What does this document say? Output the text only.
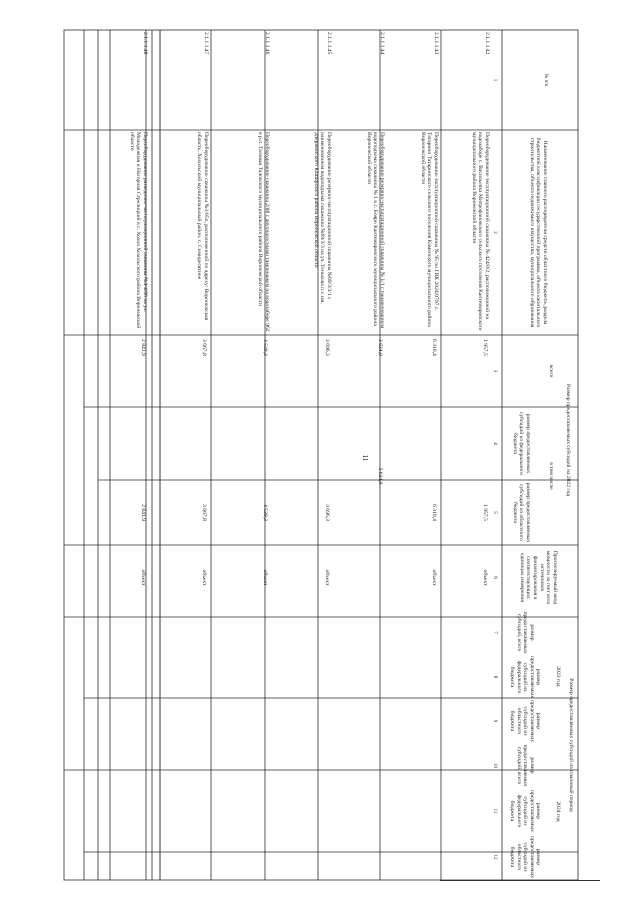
11
№ п/п
Наименование главного распорядителя средств областного бюджета, раздела бюджетной классификации государственной программы, объекта капитального строительства, объекта недвижимого имущества, муниципального образования
Размер предоставляемых субсидий на 2022 год
всего
в том числе
размер предоставляемых субсидий из федерального бюджета
размер предоставляемых субсидий из областного бюджета
Прогнозируемый ввод мощности за счет всех источников финансирования в соответствующих единицах измерения
Размер предоставляемых субсидий на плановый период
2023 год
2024 год
размер предоставляемых субсидий, всего
размер предоставляемых субсидий из федерального бюджета
размер предоставляемых субсидий из областного бюджета
размер предоставляемых субсидий, всего
размер предоставляемых субсидий из федерального бюджета
размер предоставляемых субсидий из областного бюджета
1
2
3
4
5
6
7
8
9
10
11
12
2.1.1.1.42
Переоборудование эксплуатационной скважины № 424/0/2, расположенной на водозаборе с. Васильевка Митрофановского сельского поселения Кантемировского муниципального района Воронежской области
1 957,5
1 957,5
объект
2.1.1.1.43
Переоборудование эксплуатационной скважины № 95 по ГВК 2024/0797 с. Татарино Татаринского сельского поселения Каменского муниципального района Воронежской области
6 310,4
6 310,4
объект
2.1.1.1.44
Переоборудование резервно-эксплуатационной скважины № 1/1 с наименованием водоподъема скважины № 1 в с. Бояро Кантемировского муниципального района Воронежской области
3 634,0
3 634,0
2.1.1.1.45
Переоборудование резервно-эксплуатационной скважины №69/3/3/1 с наименованием водоподъема скважины №69/3/3 на ул. Тенькова п.г. им. Дзержинского Каширского района Воронежской области
3 696,3
3 696,3
объект
2.1.1.1.46
Переоборудование скважины 2/08 с двухнасосными тампонажем на водозаборе 962 в р.п. Таловая Таловского муниципального района Воронежской области
4 539,3
4 539,3
объект
2.1.1.1.47
Переоборудование скважины №1/05п, расположенной по адресу: Воронежская область, Хохольский муниципальный район, с. Семидесятное
3 667,8
3 667,8
объект
2.1.1.1.48
Переоборудование разведочно-эксплуатационной скважины №4-4/86 на ул. Молодежная и Нагорная Стрелицкий в с. Хохол Хохольского района Воронежской области
2 841,9
2 841,9
объект
